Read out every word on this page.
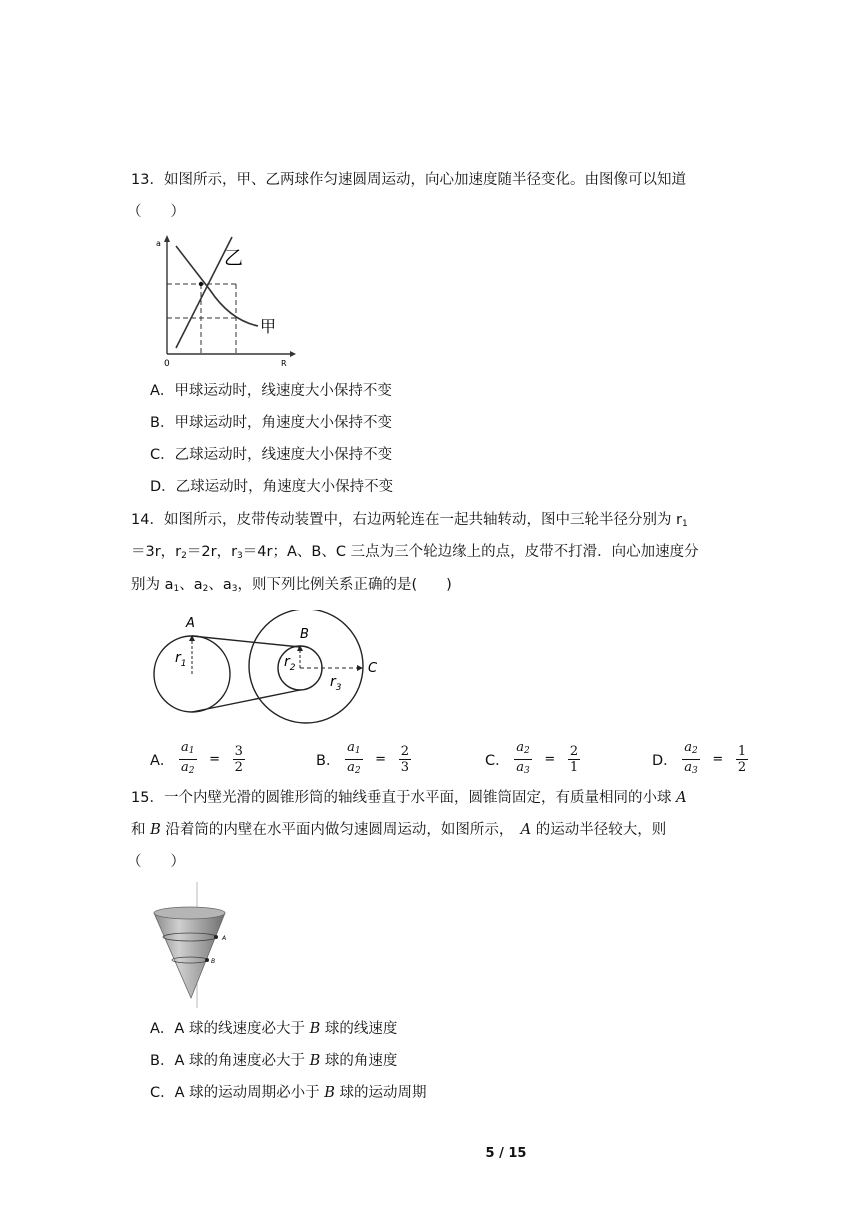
13．如图所示，甲、乙两球作匀速圆周运动，向心加速度随半径变化。由图像可以知道
（　　）
a
R
0
乙
甲
A．甲球运动时，线速度大小保持不变
B．甲球运动时，角速度大小保持不变
C．乙球运动时，线速度大小保持不变
D．乙球运动时，角速度大小保持不变
14．如图所示，皮带传动装置中，右边两轮连在一起共轴转动，图中三轮半径分别为 $r_1$
＝3r，$r_2=2r$，$r_3=4r$；A、B、C 三点为三个轮边缘上的点，皮带不打滑．向心加速度分
别为 $a_1$、$a_2$、$a_3$，则下列比例关系正确的是(　　)
A
B
C
$r_1$	$r_2$
$r_3$
A． $\frac{a_1}{a_2} = \frac{3}{2}$	B． $\frac{a_1}{a_2} = \frac{2}{3}$	C． $\frac{a_2}{a_3} = \frac{2}{1}$	D． $\frac{a_2}{a_3} = \frac{1}{2}$
15．一个内壁光滑的圆锥形筒的轴线垂直于水平面，圆锥筒固定，有质量相同的小球 A
和 B 沿着筒的内壁在水平面内做匀速圆周运动，如图所示，　A 的运动半径较大，则
（　　）
A
B
A．A 球的线速度必大于 B 球的线速度
B．A 球的角速度必大于 B 球的角速度
C．A 球的运动周期必小于 B 球的运动周期
5 / 15
